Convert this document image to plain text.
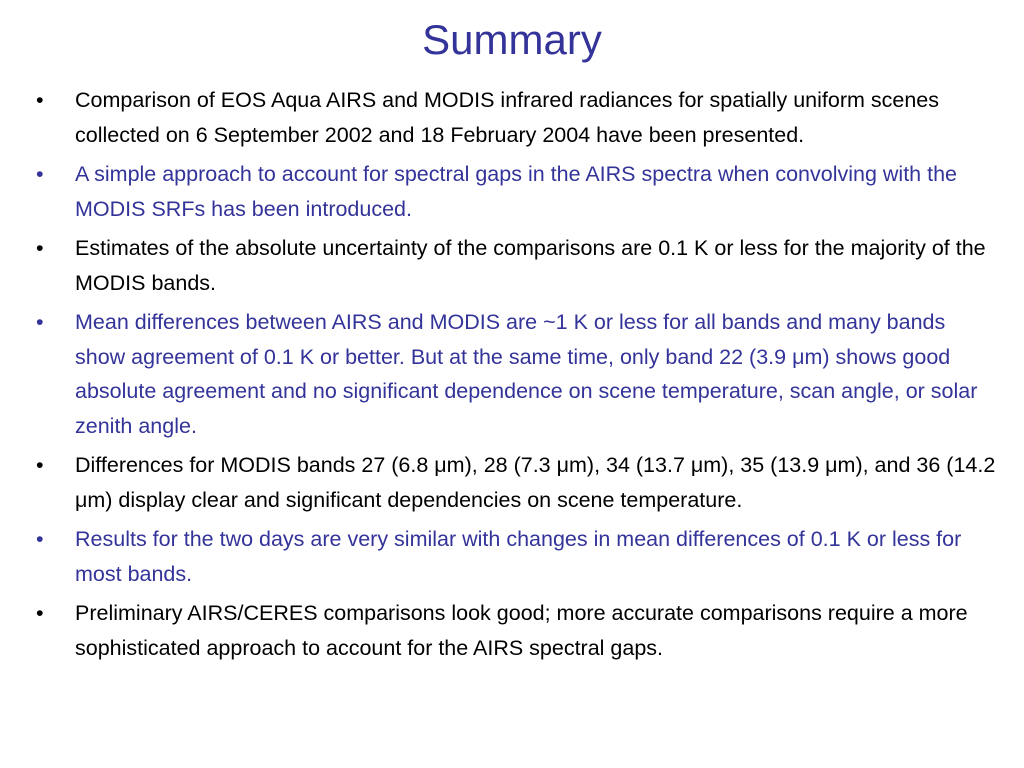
Summary
• Comparison of EOS Aqua AIRS and MODIS infrared radiances for spatially uniform scenes collected on 6 September 2002 and 18 February 2004 have been presented.
• A simple approach to account for spectral gaps in the AIRS spectra when convolving with the MODIS SRFs has been introduced.
• Estimates of the absolute uncertainty of the comparisons are 0.1 K or less for the majority of the MODIS bands.
• Mean differences between AIRS and MODIS are ~1 K or less for all bands and many bands show agreement of 0.1 K or better. But at the same time, only band 22 (3.9 μm) shows good absolute agreement and no significant dependence on scene temperature, scan angle, or solar zenith angle.
• Differences for MODIS bands 27 (6.8 μm), 28 (7.3 μm), 34 (13.7 μm), 35 (13.9 μm), and 36 (14.2 μm) display clear and significant dependencies on scene temperature.
• Results for the two days are very similar with changes in mean differences of 0.1 K or less for most bands.
• Preliminary AIRS/CERES comparisons look good; more accurate comparisons require a more sophisticated approach to account for the AIRS spectral gaps.
